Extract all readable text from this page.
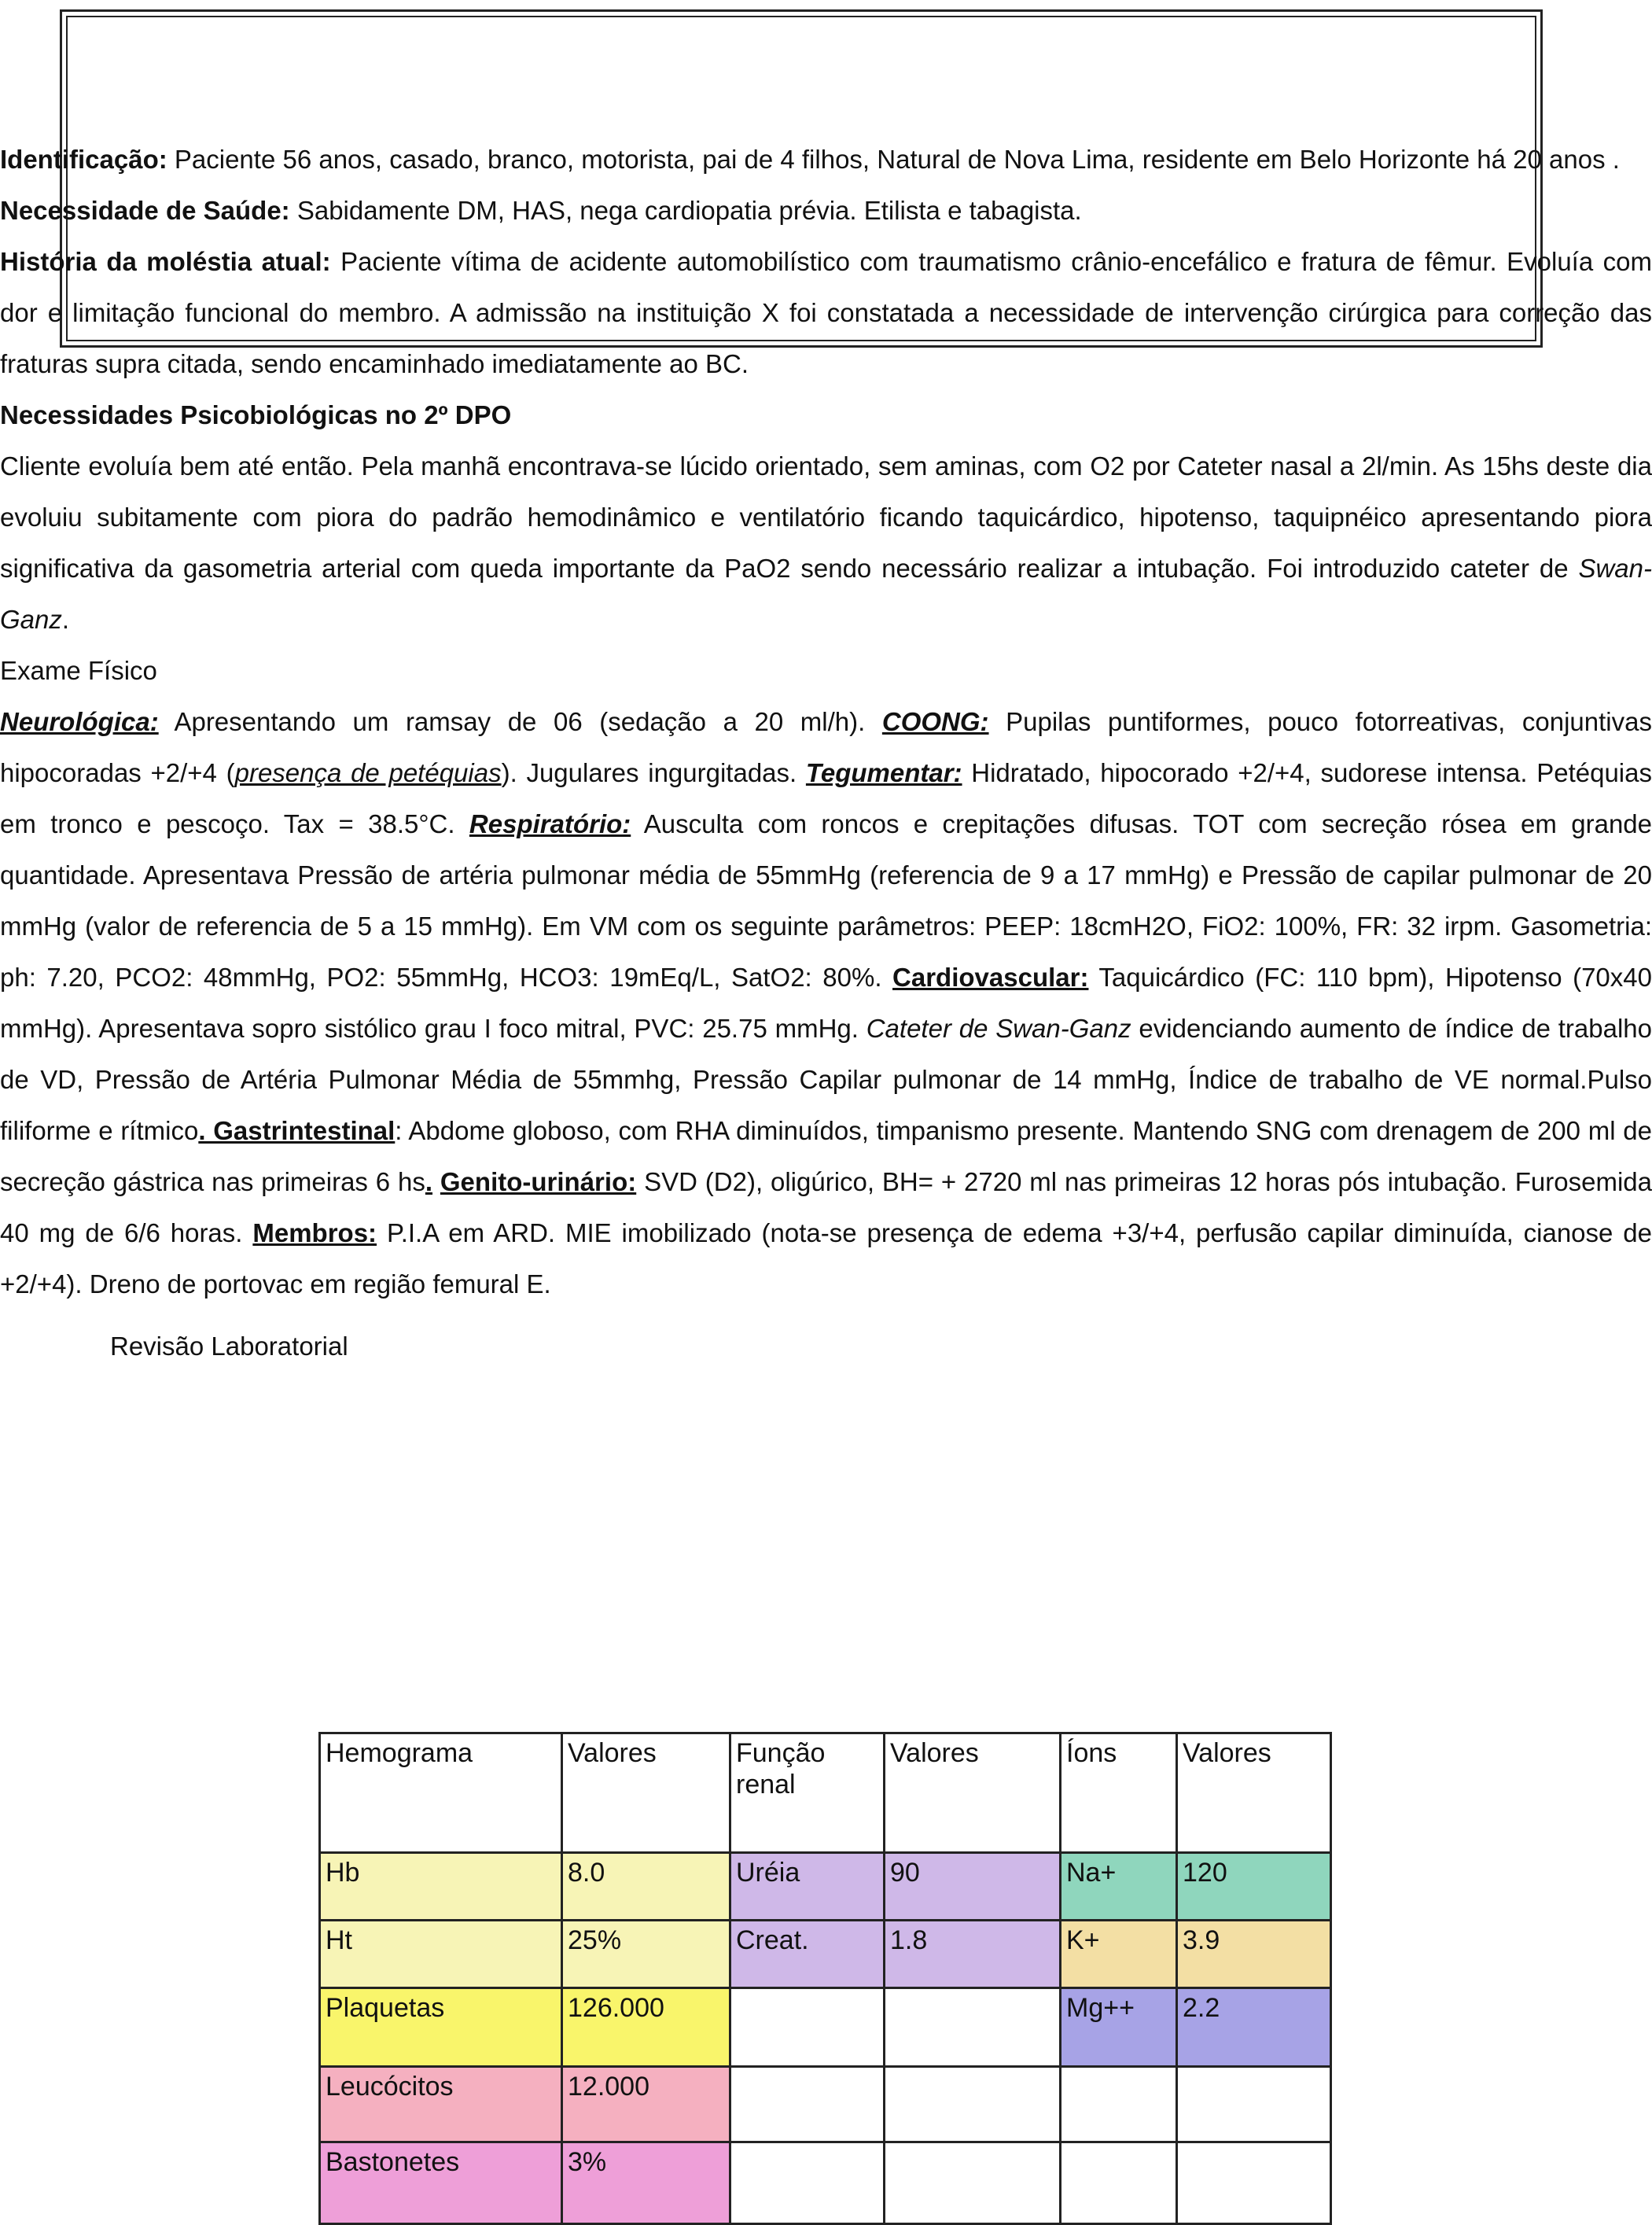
Identificação: Paciente 56 anos, casado, branco, motorista, pai de 4 filhos, Natural de Nova Lima, residente em Belo Horizonte há 20 anos .

Necessidade de Saúde: Sabidamente DM, HAS, nega cardiopatia prévia. Etilista e tabagista.

História da moléstia atual: Paciente vítima de acidente automobilístico com traumatismo crânio-encefálico e fratura de fêmur. Evoluía com dor e limitação funcional do membro. A admissão na instituição X foi constatada a necessidade de intervenção cirúrgica para correção das fraturas supra citada, sendo encaminhado imediatamente ao BC.

Necessidades Psicobiológicas no 2º DPO

Cliente evoluía bem até então. Pela manhã encontrava-se lúcido orientado, sem aminas, com O2 por Cateter nasal a 2l/min. As 15hs deste dia evoluiu subitamente com piora do padrão hemodinâmico e ventilatório ficando taquicárdico, hipotenso, taquipnéico apresentando piora significativa da gasometria arterial com queda importante da PaO2 sendo necessário realizar a intubação. Foi introduzido cateter de Swan-Ganz.

Exame Físico

Neurológica: Apresentando um ramsay de 06 (sedação a 20 ml/h). COONG: Pupilas puntiformes, pouco fotorreativas, conjuntivas hipocoradas +2/+4 (presença de petéquias). Jugulares ingurgitadas. Tegumentar: Hidratado, hipocorado +2/+4, sudorese intensa. Petéquias em tronco e pescoço. Tax = 38.5°C. Respiratório: Ausculta com roncos e crepitações difusas. TOT com secreção rósea em grande quantidade. Apresentava Pressão de artéria pulmonar média de 55mmHg (referencia de 9 a 17 mmHg) e Pressão de capilar pulmonar de 20 mmHg (valor de referencia de 5 a 15 mmHg). Em VM com os seguinte parâmetros: PEEP: 18cmH2O, FiO2: 100%, FR: 32 irpm. Gasometria: ph: 7.20, PCO2: 48mmHg, PO2: 55mmHg, HCO3: 19mEq/L, SatO2: 80%. Cardiovascular: Taquicárdico (FC: 110 bpm), Hipotenso (70x40 mmHg). Apresentava sopro sistólico grau I foco mitral, PVC: 25.75 mmHg. Cateter de Swan-Ganz evidenciando aumento de índice de trabalho de VD, Pressão de Artéria Pulmonar Média de 55mmhg, Pressão Capilar pulmonar de 14 mmHg, Índice de trabalho de VE normal.Pulso filiforme e rítmico. Gastrintestinal: Abdome globoso, com RHA diminuídos, timpanismo presente. Mantendo SNG com drenagem de 200 ml de secreção gástrica nas primeiras 6 hs. Genito-urinário: SVD (D2), oligúrico, BH= + 2720 ml nas primeiras 12 horas pós intubação. Furosemida 40 mg de 6/6 horas. Membros: P.I.A em ARD. MIE imobilizado (nota-se presença de edema +3/+4, perfusão capilar diminuída, cianose de +2/+4). Dreno de portovac em região femural E.

Revisão Laboratorial

Hemograma	Valores	Função renal	Valores	Íons	Valores
Hb	8.0	Uréia	90	Na+	120
Ht	25%	Creat.	1.8	K+	3.9
Plaquetas	126.000			Mg++	2.2
Leucócitos	12.000				
Bastonetes	3%				
